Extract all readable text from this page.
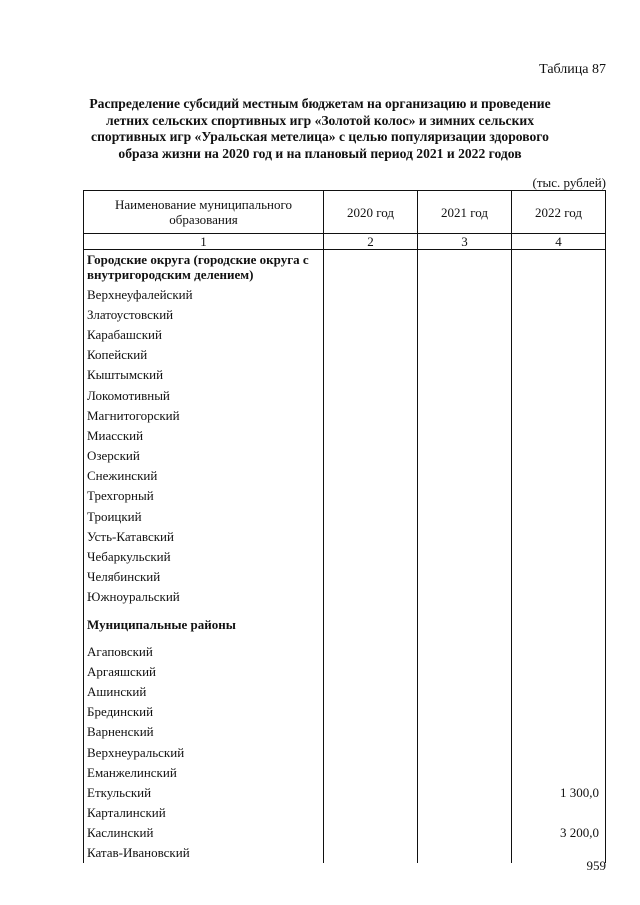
Таблица 87
Распределение субсидий местным бюджетам на организацию и проведение летних сельских спортивных игр «Золотой колос» и зимних сельских спортивных игр «Уральская метелица» с целью популяризации здорового образа жизни на 2020 год и на плановый период 2021 и 2022 годов
(тыс. рублей)
Наименование муниципального образования	2020 год	2021 год	2022 год
1	2	3	4
Городские округа (городские округа с внутригородским делением)			
Верхнеуфалейский			
Златоустовский			
Карабашский			
Копейский			
Кыштымский			
Локомотивный			
Магнитогорский			
Миасский			
Озерский			
Снежинский			
Трехгорный			
Троицкий			
Усть-Катавский			
Чебаркульский			
Челябинский			
Южноуральский			
Муниципальные районы			
Агаповский			
Аргаяшский			
Ашинский			
Брединский			
Варненский			
Верхнеуральский			
Еманжелинский			
Еткульский			1 300,0
Карталинский			
Каслинский			3 200,0
Катав-Ивановский			
959
